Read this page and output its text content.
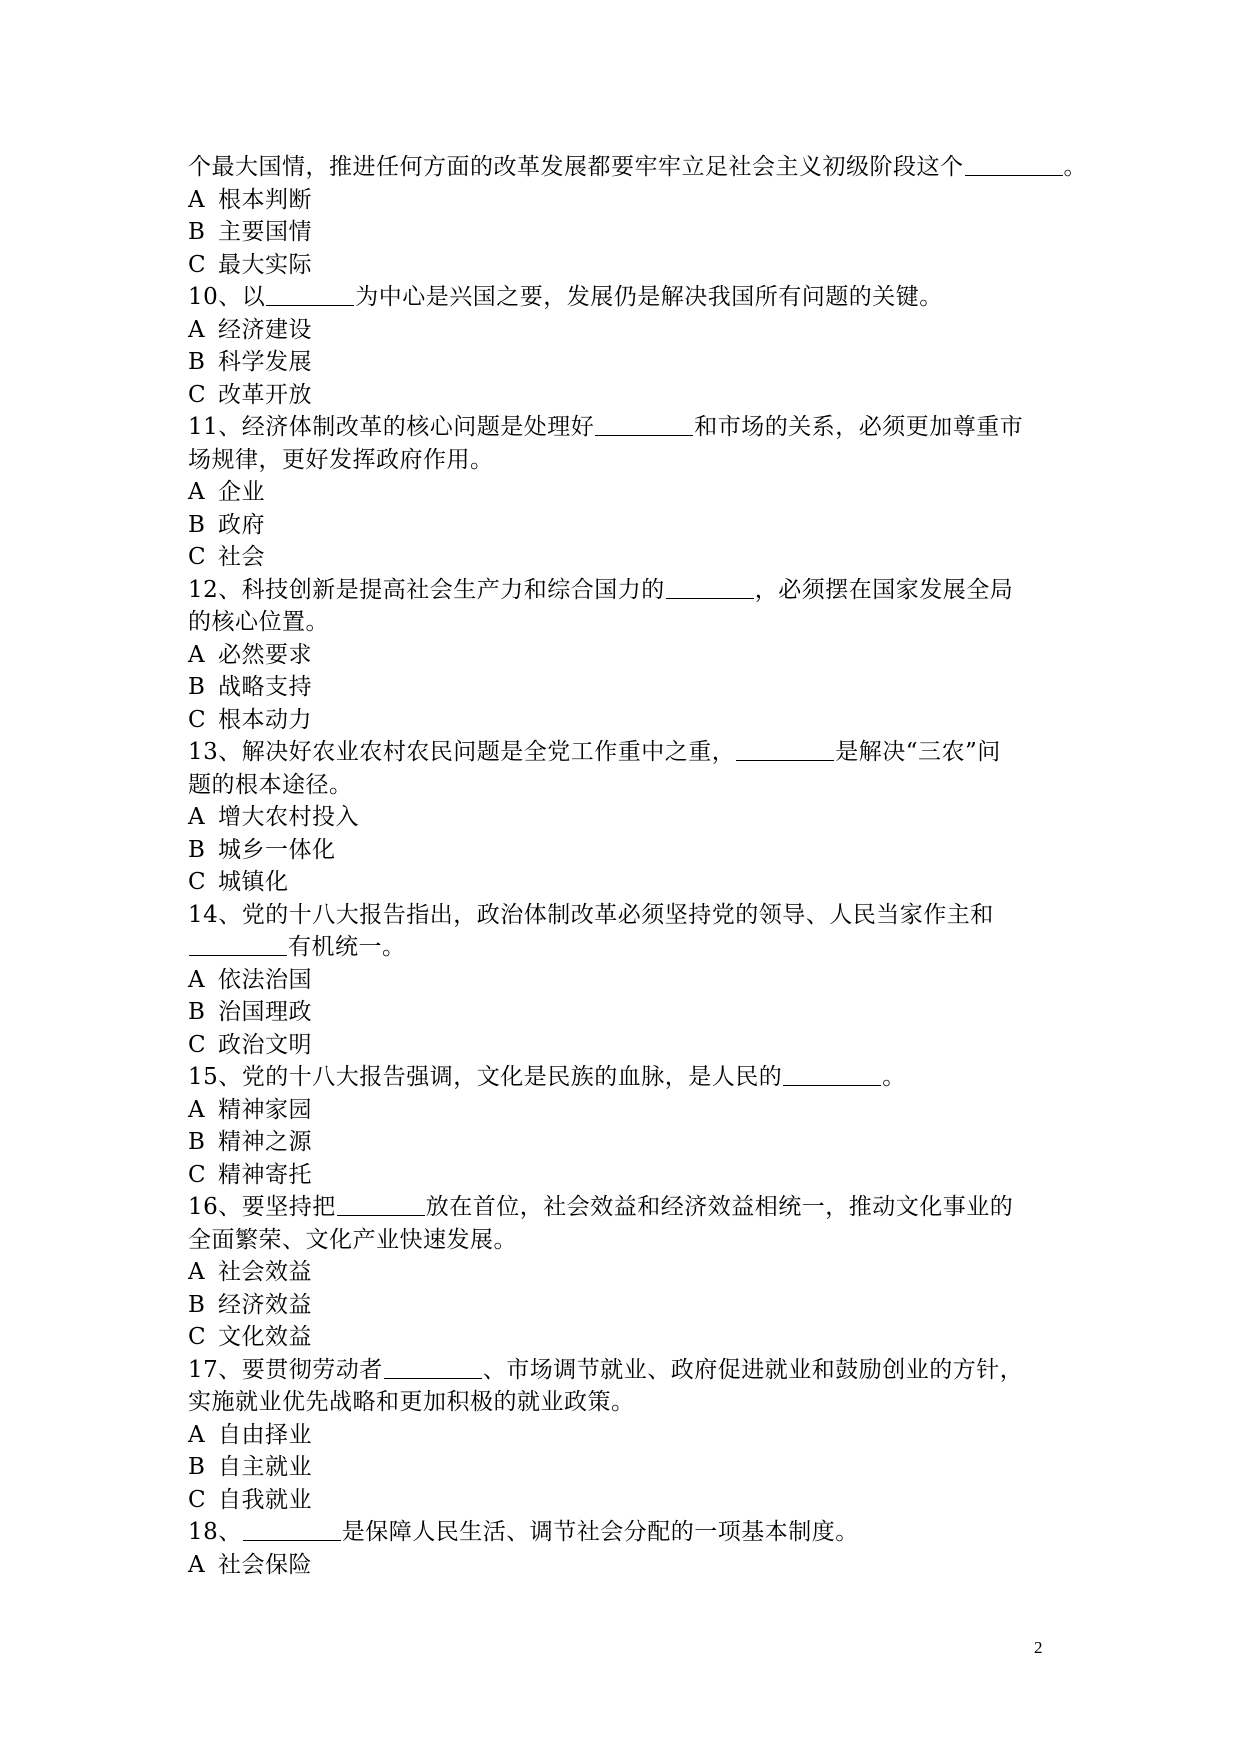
个最大国情，推进任何方面的改革发展都要牢牢立足社会主义初级阶段这个	。
A 根本判断
B 主要国情
C 最大实际
10、以	为中心是兴国之要，发展仍是解决我国所有问题的关键。
A 经济建设
B 科学发展
C 改革开放
11、经济体制改革的核心问题是处理好	和市场的关系，必须更加尊重市
场规律，更好发挥政府作用。
A 企业
B 政府
C 社会
12、科技创新是提高社会生产力和综合国力的	，必须摆在国家发展全局
的核心位置。
A 必然要求
B 战略支持
C 根本动力
13、解决好农业农村农民问题是全党工作重中之重，	是解决“三农”问
题的根本途径。
A 增大农村投入
B 城乡一体化
C 城镇化
14、党的十八大报告指出，政治体制改革必须坚持党的领导、人民当家作主和
有机统一。
A 依法治国
B 治国理政
C 政治文明
15、党的十八大报告强调，文化是民族的血脉，是人民的	。
A 精神家园
B 精神之源
C 精神寄托
16、要坚持把	放在首位，社会效益和经济效益相统一，推动文化事业的
全面繁荣、文化产业快速发展。
A 社会效益
B 经济效益
C 文化效益
17、要贯彻劳动者	、市场调节就业、政府促进就业和鼓励创业的方针，
实施就业优先战略和更加积极的就业政策。
A 自由择业
B 自主就业
C 自我就业
18、	是保障人民生活、调节社会分配的一项基本制度。
A 社会保险
2
